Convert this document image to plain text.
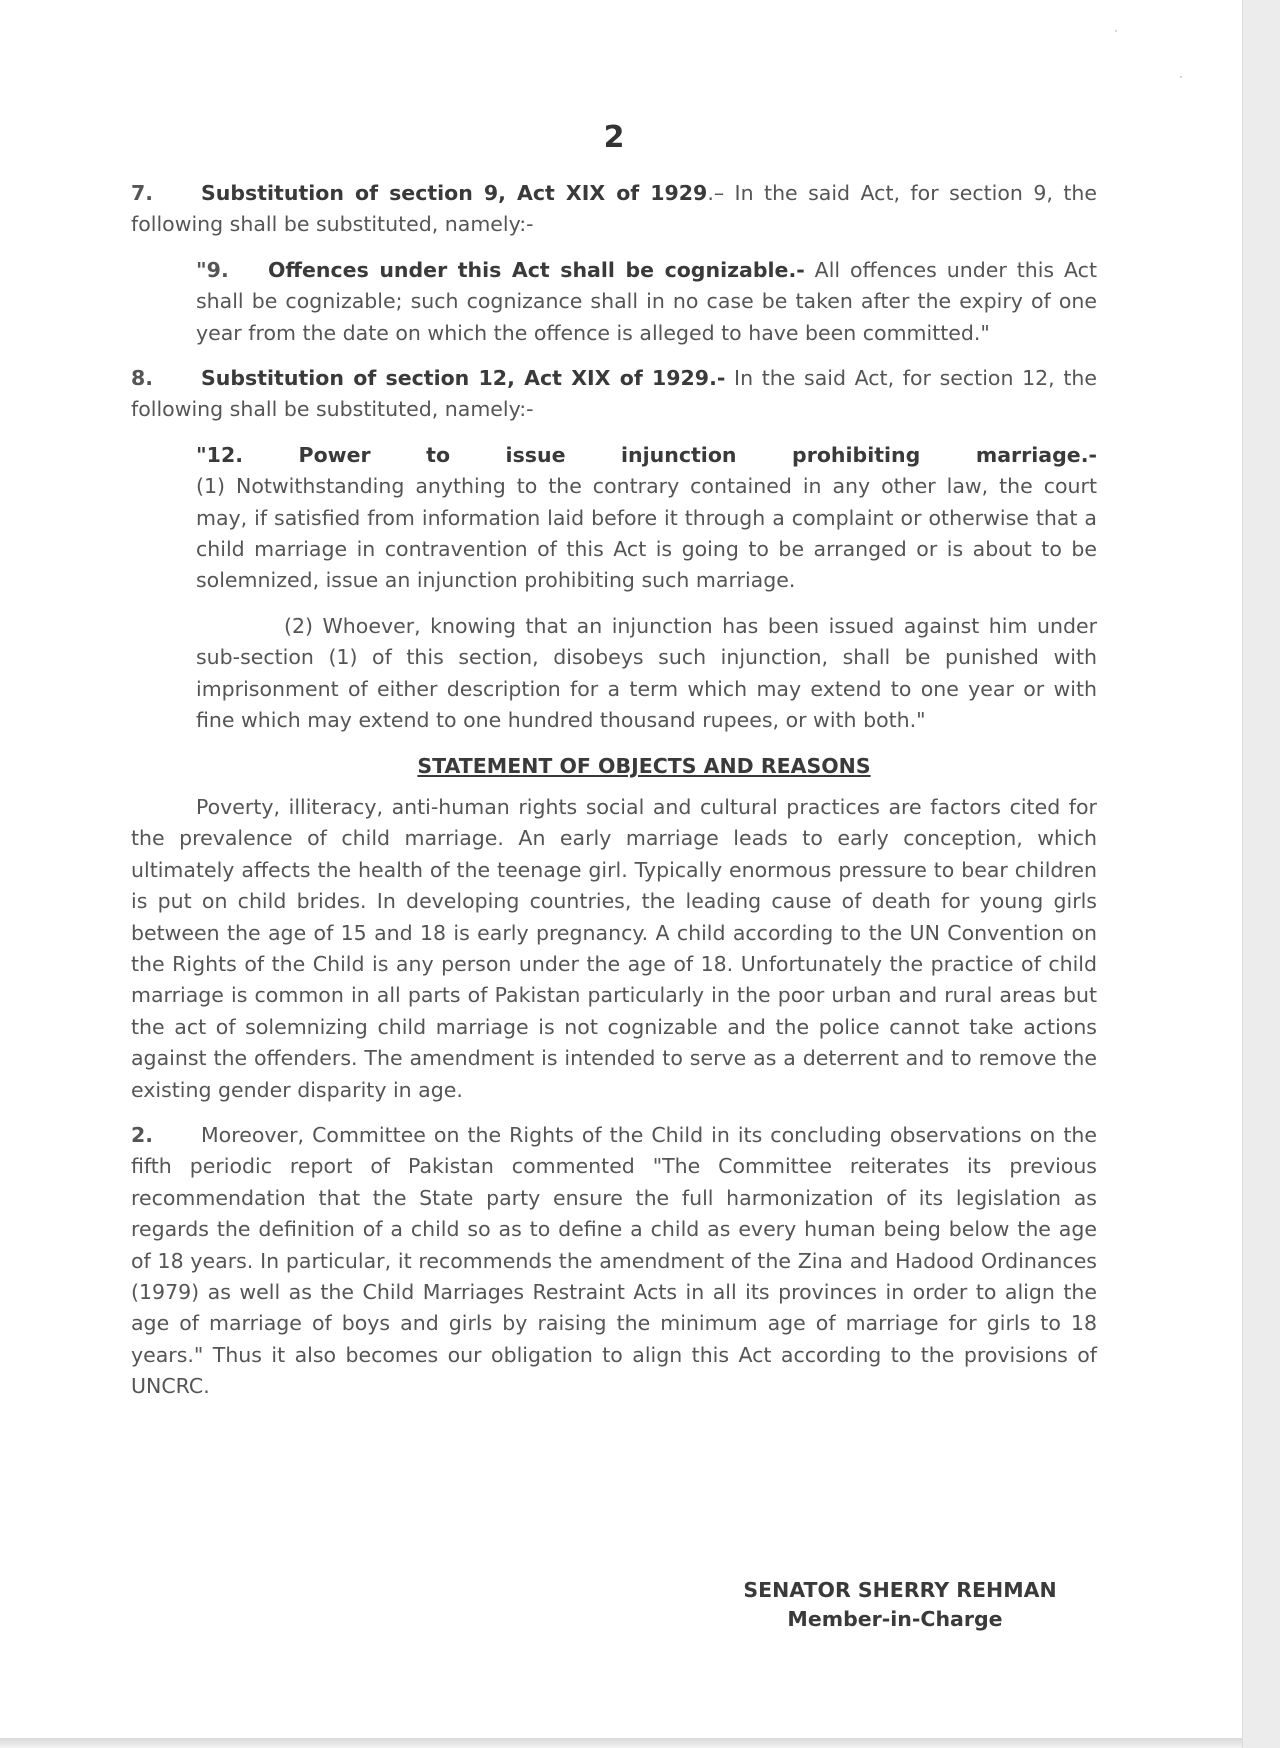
2

7. Substitution of section 9, Act XIX of 1929.– In the said Act, for section 9, the following shall be substituted, namely:-

"9. Offences under this Act shall be cognizable.- All offences under this Act shall be cognizable; such cognizance shall in no case be taken after the expiry of one year from the date on which the offence is alleged to have been committed."

8. Substitution of section 12, Act XIX of 1929.- In the said Act, for section 12, the following shall be substituted, namely:-

"12.	Power to issue injunction prohibiting marriage.-

(1) Notwithstanding anything to the contrary contained in any other law, the court may, if satisfied from information laid before it through a complaint or otherwise that a child marriage in contravention of this Act is going to be arranged or is about to be solemnized, issue an injunction prohibiting such marriage.

(2) Whoever, knowing that an injunction has been issued against him under sub-section (1) of this section, disobeys such injunction, shall be punished with imprisonment of either description for a term which may extend to one year or with fine which may extend to one hundred thousand rupees, or with both."

STATEMENT OF OBJECTS AND REASONS

Poverty, illiteracy, anti-human rights social and cultural practices are factors cited for the prevalence of child marriage. An early marriage leads to early conception, which ultimately affects the health of the teenage girl. Typically enormous pressure to bear children is put on child brides. In developing countries, the leading cause of death for young girls between the age of 15 and 18 is early pregnancy. A child according to the UN Convention on the Rights of the Child is any person under the age of 18. Unfortunately the practice of child marriage is common in all parts of Pakistan particularly in the poor urban and rural areas but the act of solemnizing child marriage is not cognizable and the police cannot take actions against the offenders. The amendment is intended to serve as a deterrent and to remove the existing gender disparity in age.

2. Moreover, Committee on the Rights of the Child in its concluding observations on the fifth periodic report of Pakistan commented "The Committee reiterates its previous recommendation that the State party ensure the full harmonization of its legislation as regards the definition of a child so as to define a child as every human being below the age of 18 years. In particular, it recommends the amendment of the Zina and Hadood Ordinances (1979) as well as the Child Marriages Restraint Acts in all its provinces in order to align the age of marriage of boys and girls by raising the minimum age of marriage for girls to 18 years." Thus it also becomes our obligation to align this Act according to the provisions of UNCRC.

SENATOR SHERRY REHMAN
Member-in-Charge
